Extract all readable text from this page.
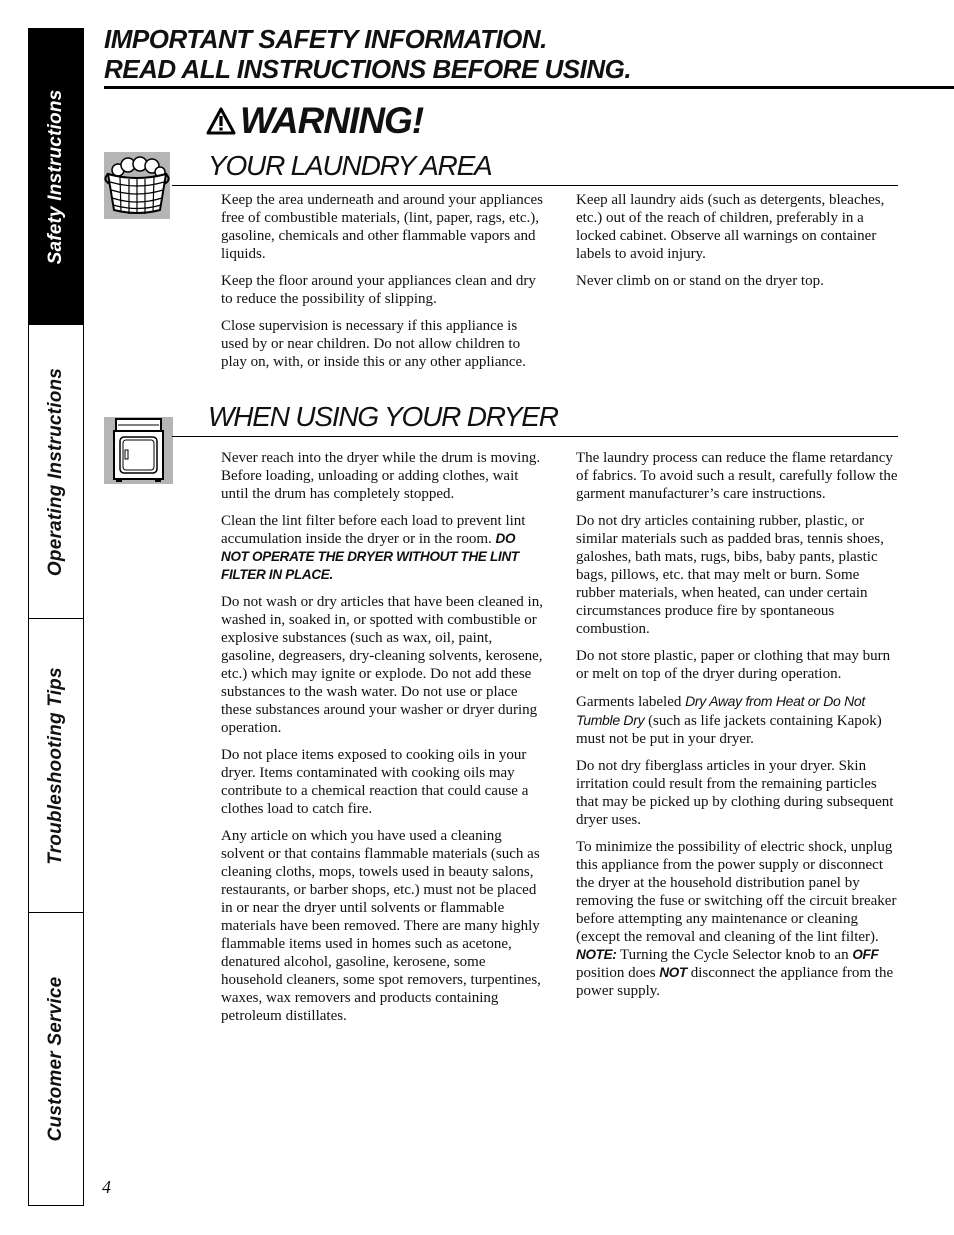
Safety Instructions
Operating Instructions
Troubleshooting Tips
Customer Service
IMPORTANT SAFETY INFORMATION.
READ ALL INSTRUCTIONS BEFORE USING.
WARNING!
YOUR LAUNDRY AREA

Keep the area underneath and around your appliances free of combustible materials, (lint, paper, rags, etc.), gasoline, chemicals and other flammable vapors and liquids.

Keep the floor around your appliances clean and dry to reduce the possibility of slipping.

Close supervision is necessary if this appliance is used by or near children. Do not allow children to play on, with, or inside this or any other appliance.

Keep all laundry aids (such as detergents, bleaches, etc.) out of the reach of children, preferably in a locked cabinet. Observe all warnings on container labels to avoid injury.

Never climb on or stand on the dryer top.

WHEN USING YOUR DRYER

Never reach into the dryer while the drum is moving. Before loading, unloading or adding clothes, wait until the drum has completely stopped.

Clean the lint filter before each load to prevent lint accumulation inside the dryer or in the room. DO NOT OPERATE THE DRYER WITHOUT THE LINT FILTER IN PLACE.

Do not wash or dry articles that have been cleaned in, washed in, soaked in, or spotted with combustible or explosive substances (such as wax, oil, paint, gasoline, degreasers, dry-cleaning solvents, kerosene, etc.) which may ignite or explode. Do not add these substances to the wash water. Do not use or place these substances around your washer or dryer during operation.

Do not place items exposed to cooking oils in your dryer. Items contaminated with cooking oils may contribute to a chemical reaction that could cause a clothes load to catch fire.

Any article on which you have used a cleaning solvent or that contains flammable materials (such as cleaning cloths, mops, towels used in beauty salons, restaurants, or barber shops, etc.) must not be placed in or near the dryer until solvents or flammable materials have been removed. There are many highly flammable items used in homes such as acetone, denatured alcohol, gasoline, kerosene, some household cleaners, some spot removers, turpentines, waxes, wax removers and products containing petroleum distillates.

The laundry process can reduce the flame retardancy of fabrics. To avoid such a result, carefully follow the garment manufacturer’s care instructions.

Do not dry articles containing rubber, plastic, or similar materials such as padded bras, tennis shoes, galoshes, bath mats, rugs, bibs, baby pants, plastic bags, pillows, etc. that may melt or burn. Some rubber materials, when heated, can under certain circumstances produce fire by spontaneous combustion.

Do not store plastic, paper or clothing that may burn or melt on top of the dryer during operation.

Garments labeled Dry Away from Heat or Do Not Tumble Dry (such as life jackets containing Kapok) must not be put in your dryer.

Do not dry fiberglass articles in your dryer. Skin irritation could result from the remaining particles that may be picked up by clothing during subsequent dryer uses.

To minimize the possibility of electric shock, unplug this appliance from the power supply or disconnect the dryer at the household distribution panel by removing the fuse or switching off the circuit breaker before attempting any maintenance or cleaning (except the removal and cleaning of the lint filter). NOTE: Turning the Cycle Selector knob to an OFF position does NOT disconnect the appliance from the power supply.

4
